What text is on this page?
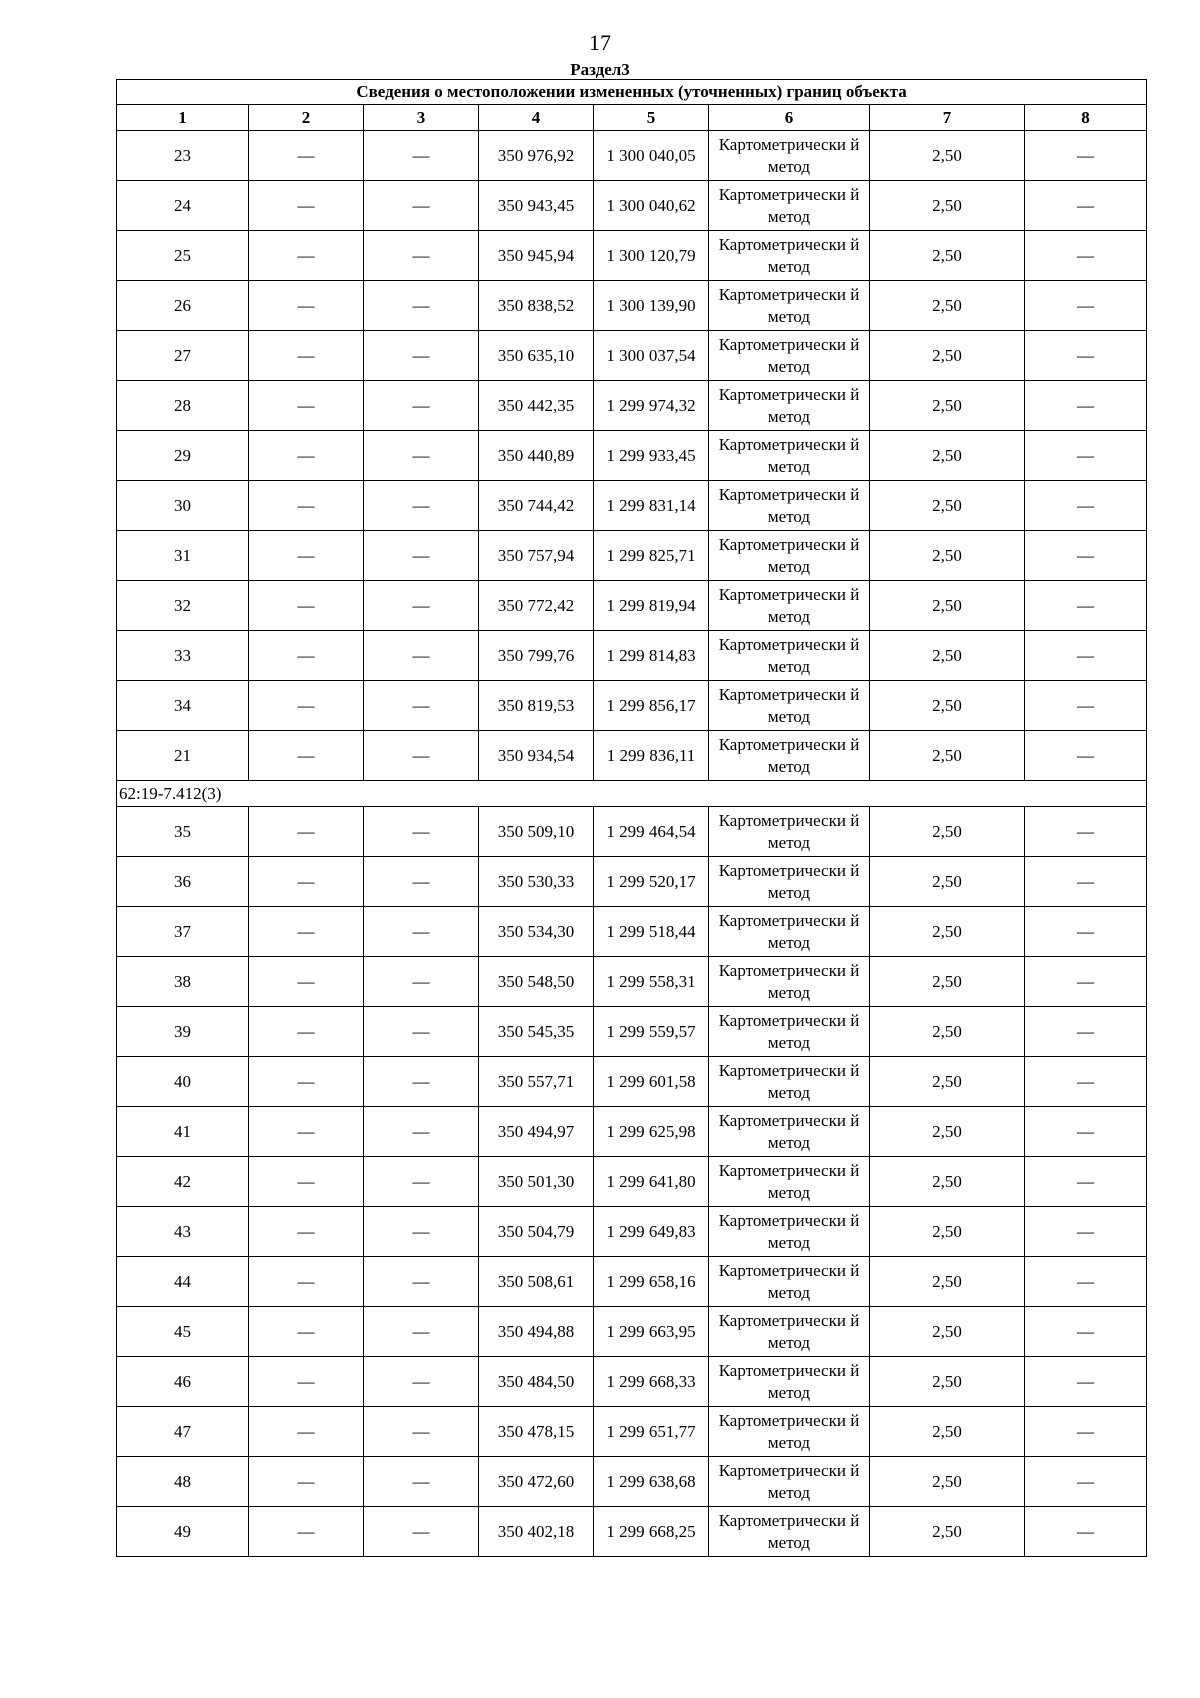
17
Раздел3
Сведения о местоположении измененных (уточненных) границ объекта							
1	2	3	4	5	6	7	8
23	—	—	350 976,92	1 300 040,05	Картометрически й метод	2,50	—
24	—	—	350 943,45	1 300 040,62	Картометрически й метод	2,50	—
25	—	—	350 945,94	1 300 120,79	Картометрически й метод	2,50	—
26	—	—	350 838,52	1 300 139,90	Картометрически й метод	2,50	—
27	—	—	350 635,10	1 300 037,54	Картометрически й метод	2,50	—
28	—	—	350 442,35	1 299 974,32	Картометрически й метод	2,50	—
29	—	—	350 440,89	1 299 933,45	Картометрически й метод	2,50	—
30	—	—	350 744,42	1 299 831,14	Картометрически й метод	2,50	—
31	—	—	350 757,94	1 299 825,71	Картометрически й метод	2,50	—
32	—	—	350 772,42	1 299 819,94	Картометрически й метод	2,50	—
33	—	—	350 799,76	1 299 814,83	Картометрически й метод	2,50	—
34	—	—	350 819,53	1 299 856,17	Картометрически й метод	2,50	—
21	—	—	350 934,54	1 299 836,11	Картометрически й метод	2,50	—
62:19-7.412(3)							
35	—	—	350 509,10	1 299 464,54	Картометрически й метод	2,50	—
36	—	—	350 530,33	1 299 520,17	Картометрически й метод	2,50	—
37	—	—	350 534,30	1 299 518,44	Картометрически й метод	2,50	—
38	—	—	350 548,50	1 299 558,31	Картометрически й метод	2,50	—
39	—	—	350 545,35	1 299 559,57	Картометрически й метод	2,50	—
40	—	—	350 557,71	1 299 601,58	Картометрически й метод	2,50	—
41	—	—	350 494,97	1 299 625,98	Картометрически й метод	2,50	—
42	—	—	350 501,30	1 299 641,80	Картометрически й метод	2,50	—
43	—	—	350 504,79	1 299 649,83	Картометрически й метод	2,50	—
44	—	—	350 508,61	1 299 658,16	Картометрически й метод	2,50	—
45	—	—	350 494,88	1 299 663,95	Картометрически й метод	2,50	—
46	—	—	350 484,50	1 299 668,33	Картометрически й метод	2,50	—
47	—	—	350 478,15	1 299 651,77	Картометрически й метод	2,50	—
48	—	—	350 472,60	1 299 638,68	Картометрически й метод	2,50	—
49	—	—	350 402,18	1 299 668,25	Картометрически й метод	2,50	—
